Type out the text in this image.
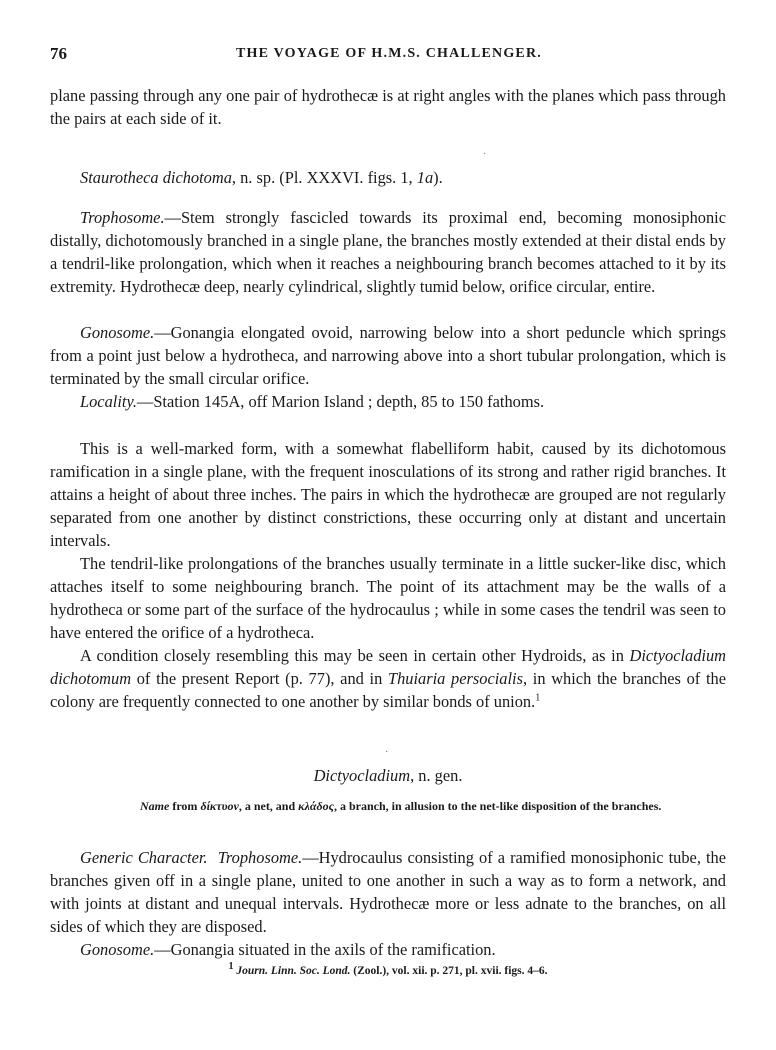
76	THE VOYAGE OF H.M.S. CHALLENGER.

plane passing through any one pair of hydrothecæ is at right angles with the planes which pass through the pairs at each side of it.

·

Staurotheca dichotoma, n. sp. (Pl. XXXVI. figs. 1, 1a).

Trophosome.—Stem strongly fascicled towards its proximal end, becoming monosiphonic distally, dichotomously branched in a single plane, the branches mostly extended at their distal ends by a tendril-like prolongation, which when it reaches a neighbouring branch becomes attached to it by its extremity. Hydrothecæ deep, nearly cylindrical, slightly tumid below, orifice circular, entire.

Gonosome.—Gonangia elongated ovoid, narrowing below into a short peduncle which springs from a point just below a hydrotheca, and narrowing above into a short tubular prolongation, which is terminated by the small circular orifice.

Locality.—Station 145A, off Marion Island ; depth, 85 to 150 fathoms.

This is a well-marked form, with a somewhat flabelliform habit, caused by its dichotomous ramification in a single plane, with the frequent inosculations of its strong and rather rigid branches. It attains a height of about three inches. The pairs in which the hydrothecæ are grouped are not regularly separated from one another by distinct constrictions, these occurring only at distant and uncertain intervals.

The tendril-like prolongations of the branches usually terminate in a little sucker-like disc, which attaches itself to some neighbouring branch. The point of its attachment may be the walls of a hydrotheca or some part of the surface of the hydrocaulus ; while in some cases the tendril was seen to have entered the orifice of a hydrotheca.

A condition closely resembling this may be seen in certain other Hydroids, as in Dictyocladium dichotomum of the present Report (p. 77), and in Thuiaria persocialis, in which the branches of the colony are frequently connected to one another by similar bonds of union.$^1$

·

Dictyocladium, n. gen.

Name from δίκτυον, a net, and κλάδος, a branch, in allusion to the net-like disposition of the branches.

Generic Character. Trophosome.—Hydrocaulus consisting of a ramified monosiphonic tube, the branches given off in a single plane, united to one another in such a way as to form a network, and with joints at distant and unequal intervals. Hydrothecæ more or less adnate to the branches, on all sides of which they are disposed.

Gonosome.—Gonangia situated in the axils of the ramification.

$^1$ Journ. Linn. Soc. Lond. (Zool.), vol. xii. p. 271, pl. xvii. figs. 4–6.
